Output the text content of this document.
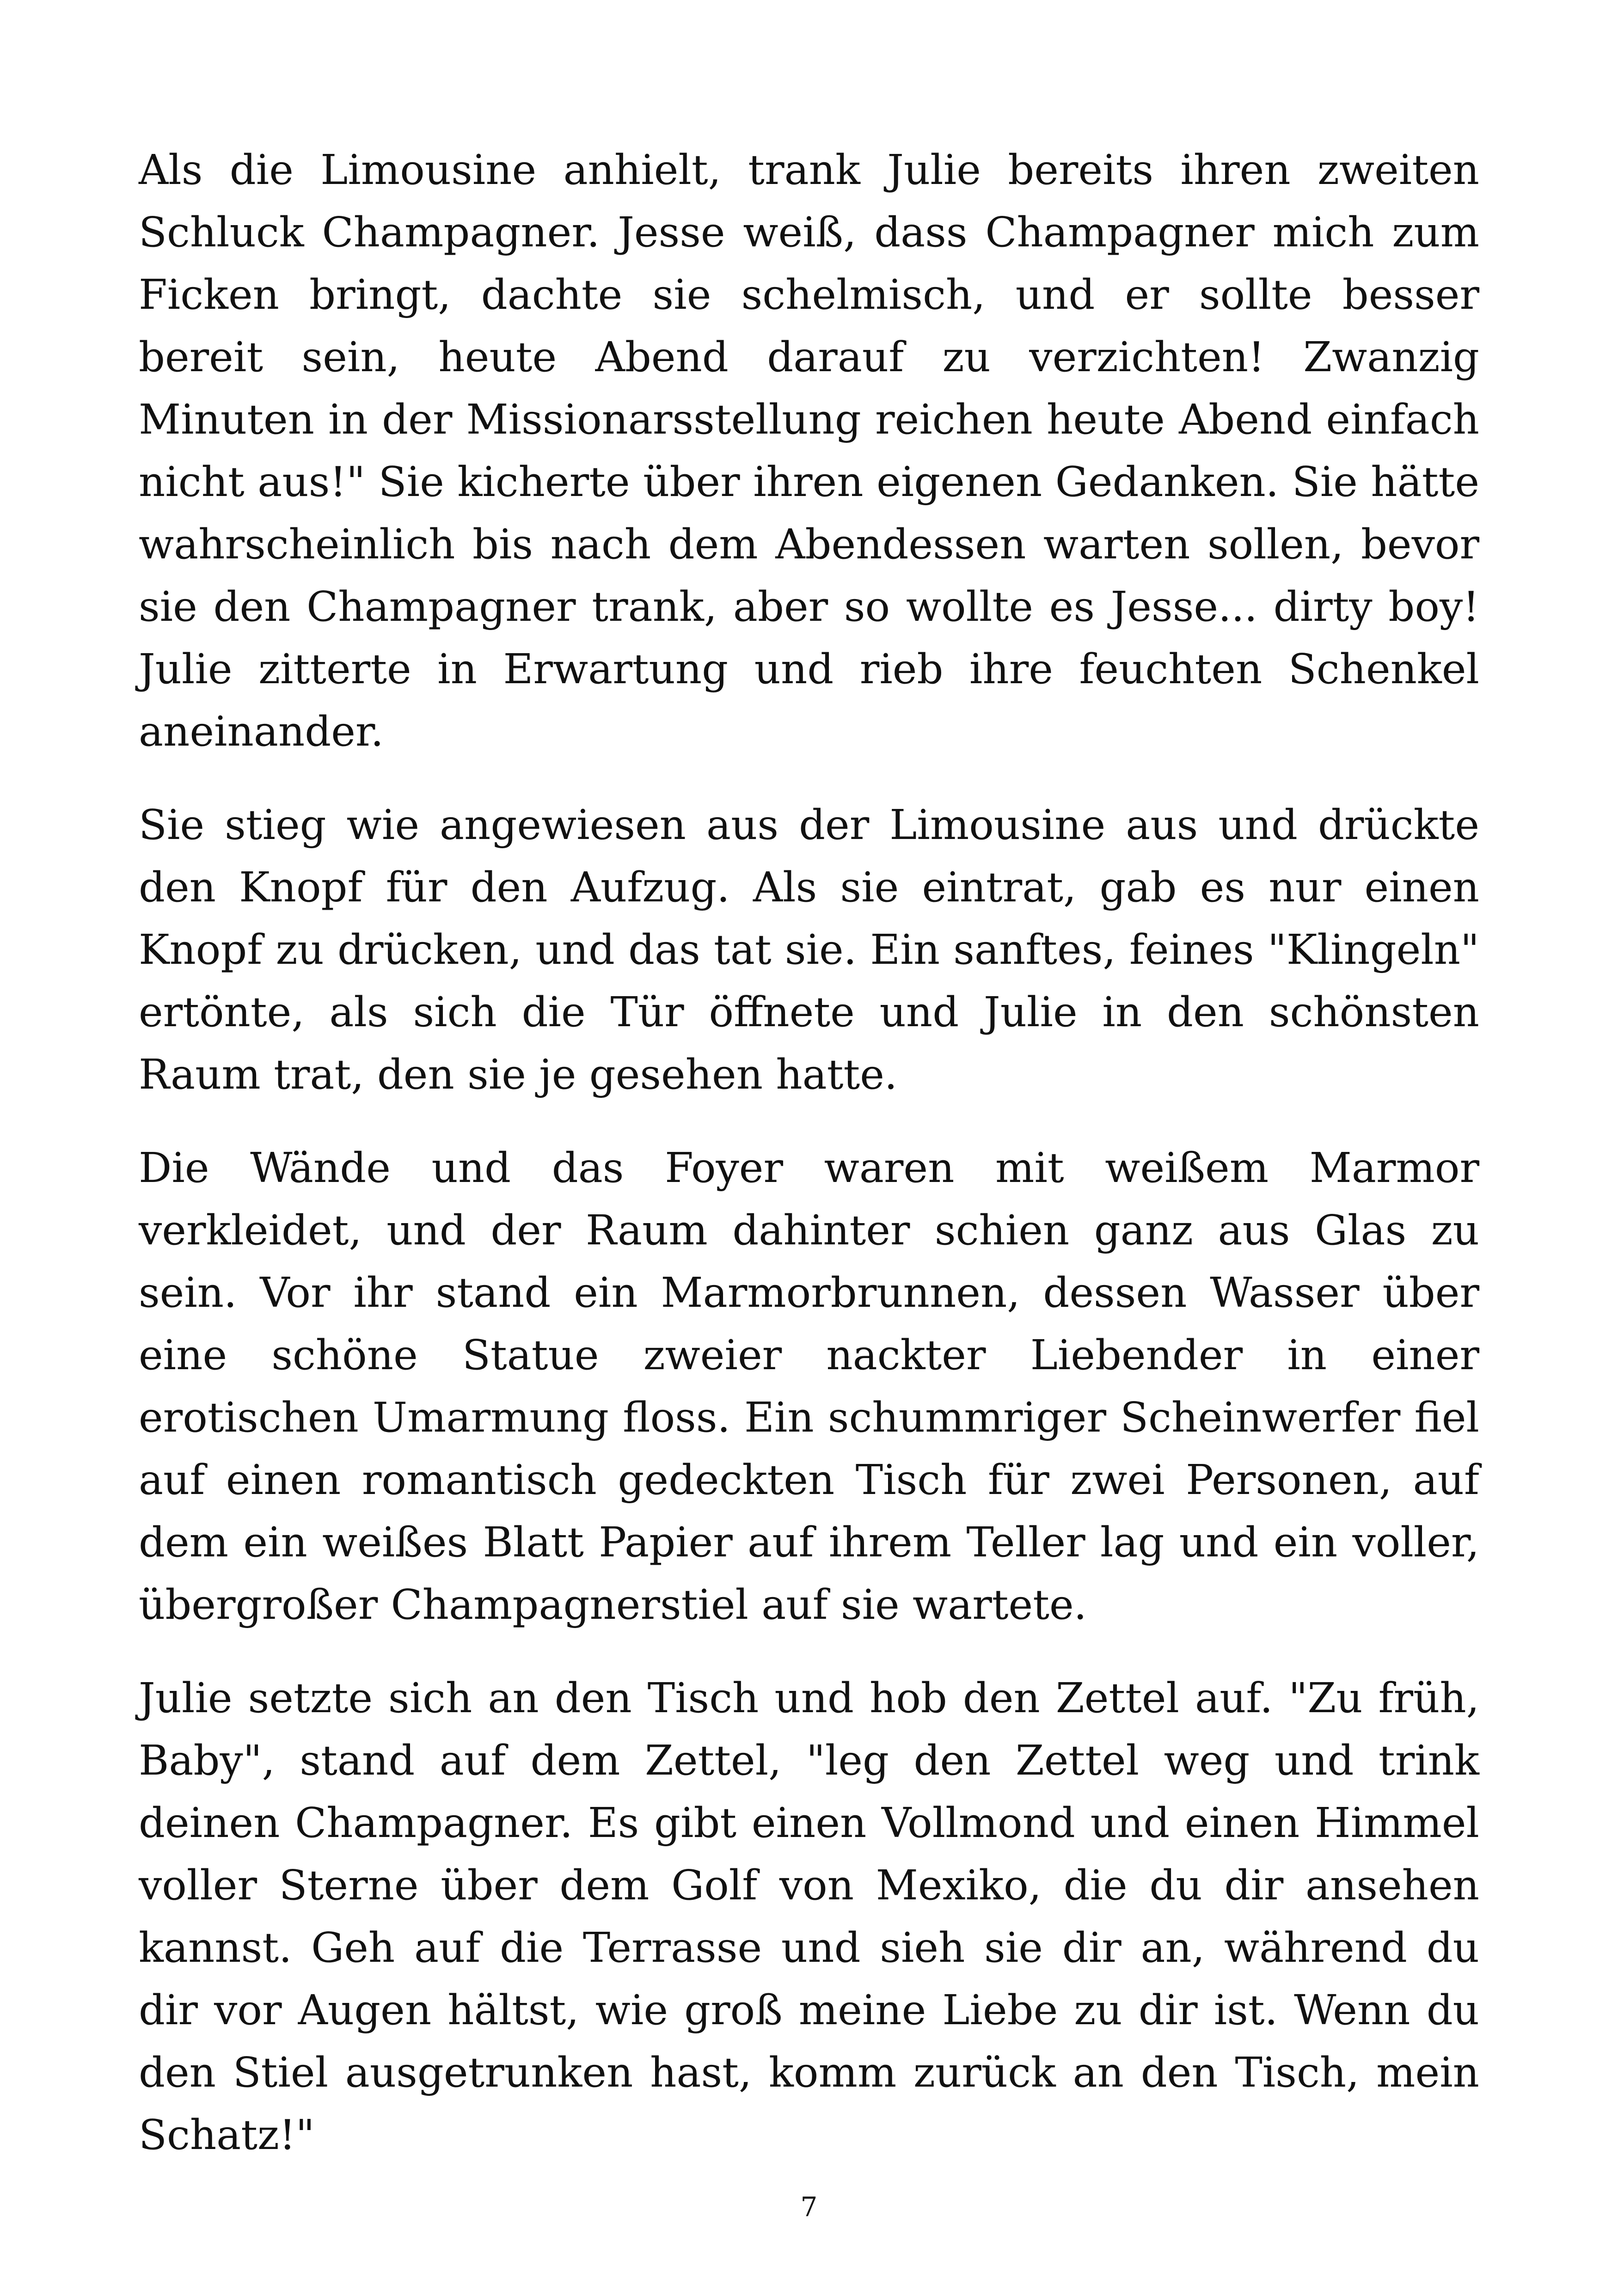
Als die Limousine anhielt, trank Julie bereits ihren zweiten Schluck Champagner. Jesse weiß, dass Champagner mich zum Ficken bringt, dachte sie schelmisch, und er sollte besser bereit sein, heute Abend darauf zu verzichten! Zwanzig Minuten in der Missionarsstellung reichen heute Abend einfach nicht aus!" Sie kicherte über ihren eigenen Gedanken. Sie hätte wahrscheinlich bis nach dem Abendessen warten sollen, bevor sie den Champagner trank, aber so wollte es Jesse... dirty boy! Julie zitterte in Erwartung und rieb ihre feuchten Schenkel aneinander.

Sie stieg wie angewiesen aus der Limousine aus und drückte den Knopf für den Aufzug. Als sie eintrat, gab es nur einen Knopf zu drücken, und das tat sie. Ein sanftes, feines "Klingeln" ertönte, als sich die Tür öffnete und Julie in den schönsten Raum trat, den sie je gesehen hatte.

Die Wände und das Foyer waren mit weißem Marmor verkleidet, und der Raum dahinter schien ganz aus Glas zu sein. Vor ihr stand ein Marmorbrunnen, dessen Wasser über eine schöne Statue zweier nackter Liebender in einer erotischen Umarmung floss. Ein schummriger Scheinwerfer fiel auf einen romantisch gedeckten Tisch für zwei Personen, auf dem ein weißes Blatt Papier auf ihrem Teller lag und ein voller, übergroßer Champagnerstiel auf sie wartete.

Julie setzte sich an den Tisch und hob den Zettel auf. "Zu früh, Baby", stand auf dem Zettel, "leg den Zettel weg und trink deinen Champagner. Es gibt einen Vollmond und einen Himmel voller Sterne über dem Golf von Mexiko, die du dir ansehen kannst. Geh auf die Terrasse und sieh sie dir an, während du dir vor Augen hältst, wie groß meine Liebe zu dir ist. Wenn du den Stiel ausgetrunken hast, komm zurück an den Tisch, mein Schatz!"

7
